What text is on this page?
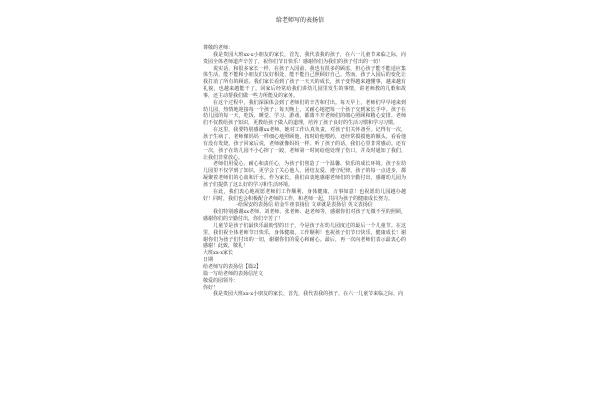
给老师写的表扬信

尊敬的老师：

我是贵园大班xx-x小朋友的家长，首先，我代表我的孩子，在六一儿童节来临之际，向贵园全体老师道声辛苦了，祝你们节日快乐！感谢你们为我们的孩子付出的一切！

说实话，和很多家长一样，在孩子入园前，我也有很多的顾虑，担心孩子能不能适应集体生活，能不能和小朋友们友好相处，能不能自己照顾好自己。然而，孩子入园后的变化让我打消了所有的顾虑。我们家长看到了孩子一天天的成长，孩子变得越来越懂事，越来越有礼貌，也越来越能干了。回家后经常给我们讲幼儿园里发生的事情，讲老师教的儿歌和故事，还主动帮我们做一些力所能及的家务。

在这个过程中，我们深深体会到了老师们的辛苦和付出。每天早上，老师们早早地来到幼儿园，热情地迎接每一个孩子；每天晚上，又耐心地把每一个孩子交到家长手中。孩子在幼儿园的每一天，吃饭、睡觉、学习、游戏，都离不开老师们的细心照顾和精心安排。老师们不仅教给孩子知识，更教给孩子做人的道理，培养了孩子良好的生活习惯和学习习惯。

在这里，我要特别感谢xx老师。她对工作认真负责，对孩子们关怀备至。记得有一次，孩子生病了，老师像妈妈一样细心地照顾他，按时给他喂药，还经常摸摸他的额头，看看他有没有发烧。孩子回家后说，老师就像妈妈一样。听了孩子的话，我们心里非常感动。还有一次，孩子在幼儿园不小心摔了一跤，老师第一时间给他处理了伤口，并及时通知了我们，让我们非常放心。

老师们用爱心、耐心和责任心，为孩子们创造了一个温馨、快乐的成长环境。孩子在幼儿园里不仅学到了知识，更学会了关心他人、团结友爱、遵守纪律。孩子的每一点进步，都凝聚着老师们的心血和汗水。作为家长，我们由衷地感谢老师们的辛勤付出，感谢幼儿园为孩子们提供了这么好的学习和生活环境。

在此，我们衷心地祝愿老师们工作顺利，身体健康，万事如意！也祝愿幼儿园越办越好！同时，我们也会积极配合老师的工作，和老师一起，共同为孩子的健康成长努力。

-给保安的表扬信 给金牛座表扬信 文章就是表扬信 英文表扬信

我们特别感谢xx老师、刘老师、张老师、赵老师等，感谢你们对孩子无微不至的照顾，感谢你们的辛勤付出，你们辛苦了！

儿童节是孩子们最快乐最盼望的日子，今是孩子在幼儿园度过的最后一个儿童节。在这里，我们祝全体老师节日快乐，身体健康，工作顺利！也祝孩子们节日快乐，健康成长！谢谢你们为孩子们付出的一切，谢谢你们的爱心和耐心。最后，再一次向老师们表示最衷心的感谢！此致，敬礼！

大班xx-x家长

日期

给老师写的表扬信【篇2】

篇一写给老师的表扬信范文

敬爱的园领导：

你好！

我是贵园大班xx-x小朋友的家长，首先，我代表我的孩子，在六一儿童节来临之际，向
